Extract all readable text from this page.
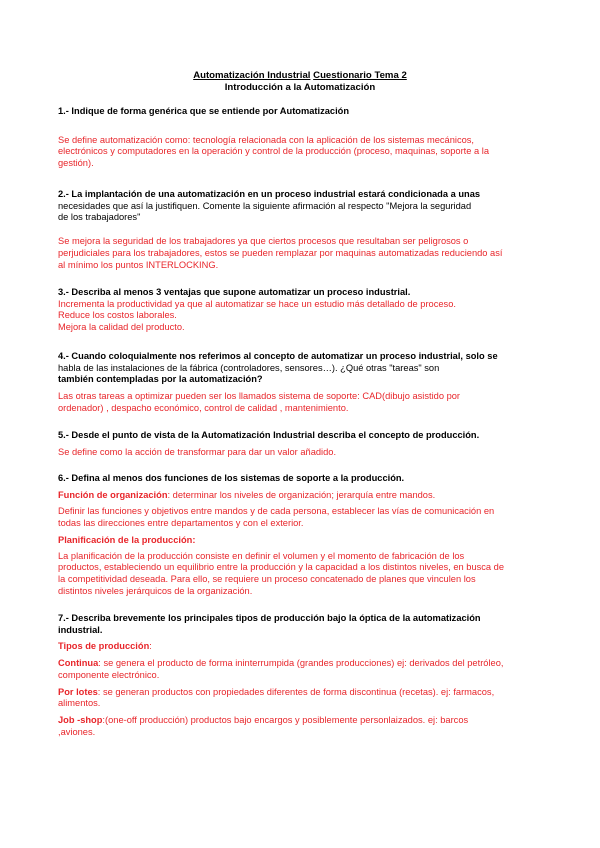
Automatización Industrial Cuestionario Tema 2
Introducción a la Automatización
1.- Indique de forma genérica que se entiende por Automatización
Se define automatización como: tecnología relacionada con la aplicación de los sistemas mecánicos,
electrónicos y computadores en la operación y control de la producción (proceso, maquinas, soporte a la
gestión).
2.- La implantación de una automatización en un proceso industrial estará condicionada a unas
necesidades que así la justifiquen. Comente la siguiente afirmación al respecto "Mejora la seguridad
de los trabajadores"
Se mejora la seguridad de los trabajadores ya que ciertos procesos que resultaban ser peligrosos o
perjudiciales para los trabajadores, estos se pueden remplazar por maquinas automatizadas reduciendo así
al mínimo los puntos INTERLOCKING.
3.- Describa al menos 3 ventajas que supone automatizar un proceso industrial.
Incrementa la productividad ya que al automatizar se hace un estudio más detallado de proceso.
Reduce los costos laborales.
Mejora la calidad del producto.
4.- Cuando coloquialmente nos referimos al concepto de automatizar un proceso industrial, solo se
habla de las instalaciones de la fábrica (controladores, sensores…). ¿Qué otras "tareas" son
también contempladas por la automatización?
Las otras tareas a optimizar pueden ser los llamados sistema de soporte: CAD(dibujo asistido por
ordenador) , despacho económico, control de calidad , mantenimiento.
5.- Desde el punto de vista de la Automatización Industrial describa el concepto de producción.
Se define como la acción de transformar para dar un valor añadido.
6.- Defina al menos dos funciones de los sistemas de soporte a la producción.
Función de organización: determinar los niveles de organización; jerarquía entre mandos.
Definir las funciones y objetivos entre mandos y de cada persona, establecer las vías de comunicación en
todas las direcciones entre departamentos y con el exterior.
Planificación de la producción:
La planificación de la producción consiste en definir el volumen y el momento de fabricación de los
productos, estableciendo un equilibrio entre la producción y la capacidad a los distintos niveles, en busca de
la competitividad deseada. Para ello, se requiere un proceso concatenado de planes que vinculen los
distintos niveles jerárquicos de la organización.
7.- Describa brevemente los principales tipos de producción bajo la óptica de la automatización
industrial.
Tipos de producción:
Continua: se genera el producto de forma ininterrumpida (grandes producciones) ej: derivados del petróleo,
componente electrónico.
Por lotes: se generan productos con propiedades diferentes de forma discontinua (recetas). ej: farmacos,
alimentos.
Job -shop:(one-off producción) productos bajo encargos y posiblemente personlaizados. ej: barcos
,aviones.
